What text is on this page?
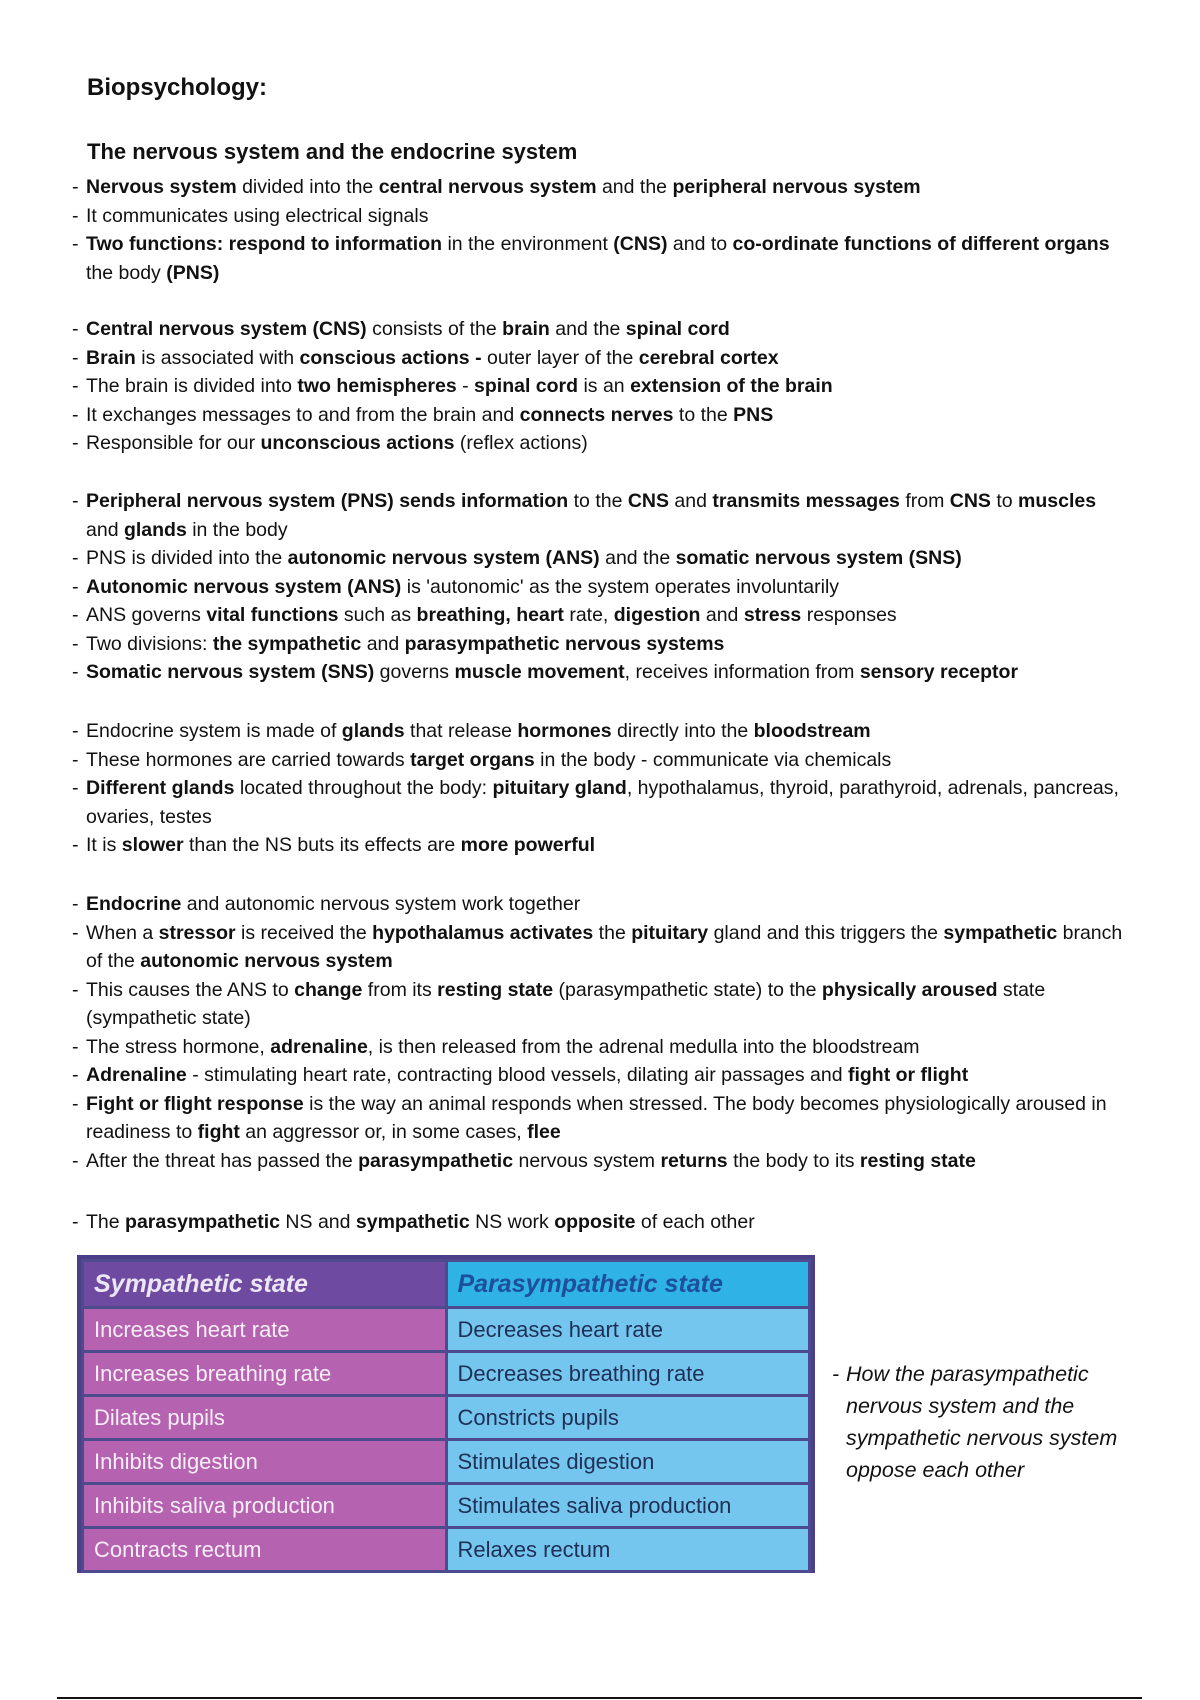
Biopsychology:
The nervous system and the endocrine system
- Nervous system divided into the central nervous system and the peripheral nervous system
- It communicates using electrical signals
- Two functions: respond to information in the environment (CNS) and to co-ordinate functions of different organs the body (PNS)
- Central nervous system (CNS) consists of the brain and the spinal cord
- Brain is associated with conscious actions - outer layer of the cerebral cortex
- The brain is divided into two hemispheres - spinal cord is an extension of the brain
- It exchanges messages to and from the brain and connects nerves to the PNS
- Responsible for our unconscious actions (reflex actions)
- Peripheral nervous system (PNS) sends information to the CNS and transmits messages from CNS to muscles and glands in the body
- PNS is divided into the autonomic nervous system (ANS) and the somatic nervous system (SNS)
- Autonomic nervous system (ANS) is 'autonomic' as the system operates involuntarily
- ANS governs vital functions such as breathing, heart rate, digestion and stress responses
- Two divisions: the sympathetic and parasympathetic nervous systems
- Somatic nervous system (SNS) governs muscle movement, receives information from sensory receptor
- Endocrine system is made of glands that release hormones directly into the bloodstream
- These hormones are carried towards target organs in the body - communicate via chemicals
- Different glands located throughout the body: pituitary gland, hypothalamus, thyroid, parathyroid, adrenals, pancreas, ovaries, testes
- It is slower than the NS buts its effects are more powerful
- Endocrine and autonomic nervous system work together
- When a stressor is received the hypothalamus activates the pituitary gland and this triggers the sympathetic branch of the autonomic nervous system
- This causes the ANS to change from its resting state (parasympathetic state) to the physically aroused state (sympathetic state)
- The stress hormone, adrenaline, is then released from the adrenal medulla into the bloodstream
- Adrenaline - stimulating heart rate, contracting blood vessels, dilating air passages and fight or flight
- Fight or flight response is the way an animal responds when stressed. The body becomes physiologically aroused in readiness to fight an aggressor or, in some cases, flee
- After the threat has passed the parasympathetic nervous system returns the body to its resting state
- The parasympathetic NS and sympathetic NS work opposite of each other
Sympathetic state	Parasympathetic state
Increases heart rate	Decreases heart rate
Increases breathing rate	Decreases breathing rate
Dilates pupils	Constricts pupils
Inhibits digestion	Stimulates digestion
Inhibits saliva production	Stimulates saliva production
Contracts rectum	Relaxes rectum
- How the parasympathetic nervous system and the sympathetic nervous system oppose each other
